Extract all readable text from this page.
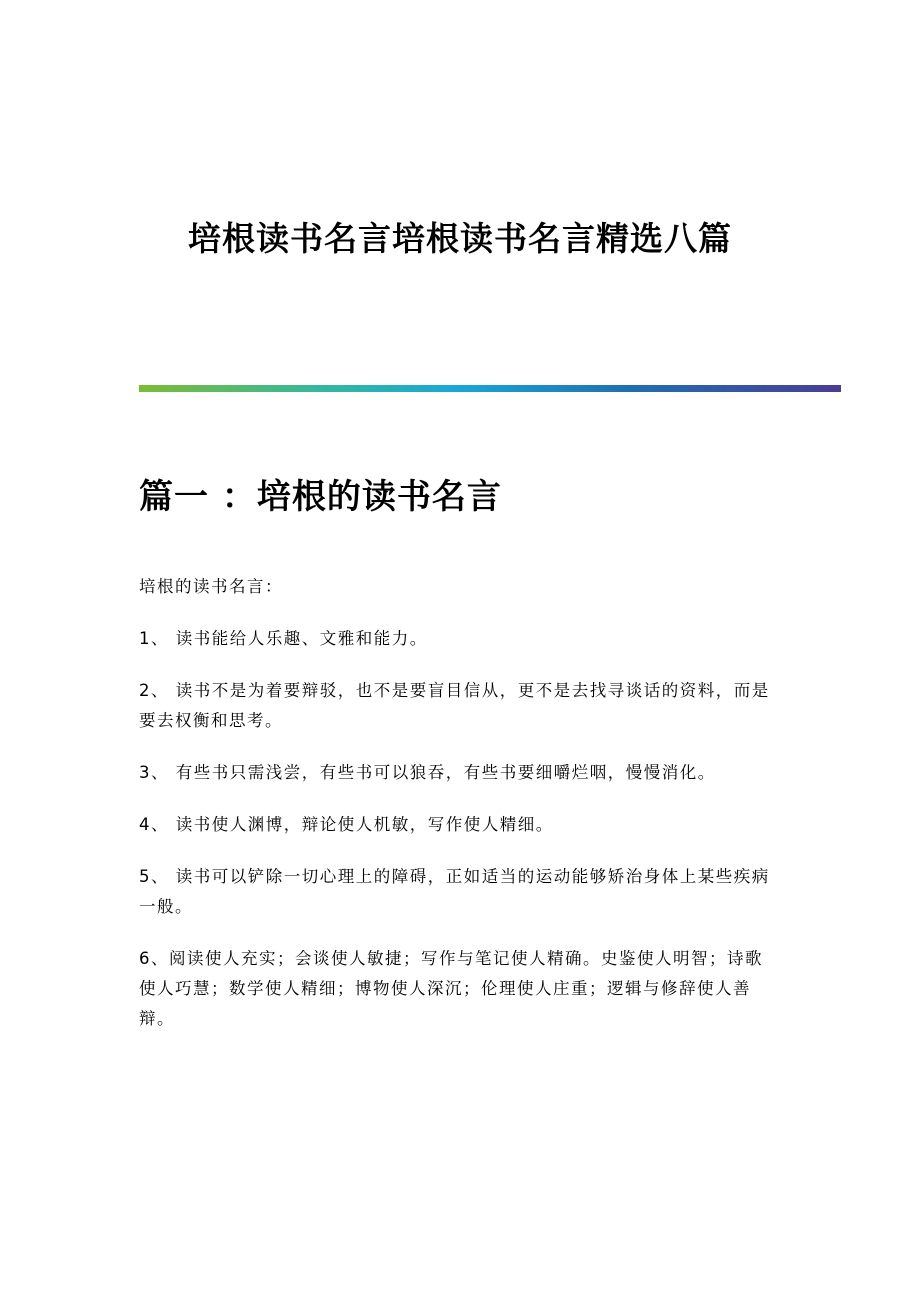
培根读书名言培根读书名言精选八篇
篇一 ：培根的读书名言

培根的读书名言：

1、 读书能给人乐趣、文雅和能力。

2、 读书不是为着要辩驳，也不是要盲目信从，更不是去找寻谈话的资料，而是要去权衡和思考。

3、 有些书只需浅尝，有些书可以狼吞，有些书要细嚼烂咽，慢慢消化。

4、 读书使人渊博，辩论使人机敏，写作使人精细。

5、 读书可以铲除一切心理上的障碍，正如适当的运动能够矫治身体上某些疾病一般。

6、阅读使人充实；会谈使人敏捷；写作与笔记使人精确。史鉴使人明智；诗歌使人巧慧；数学使人精细；博物使人深沉；伦理使人庄重；逻辑与修辞使人善辩。
